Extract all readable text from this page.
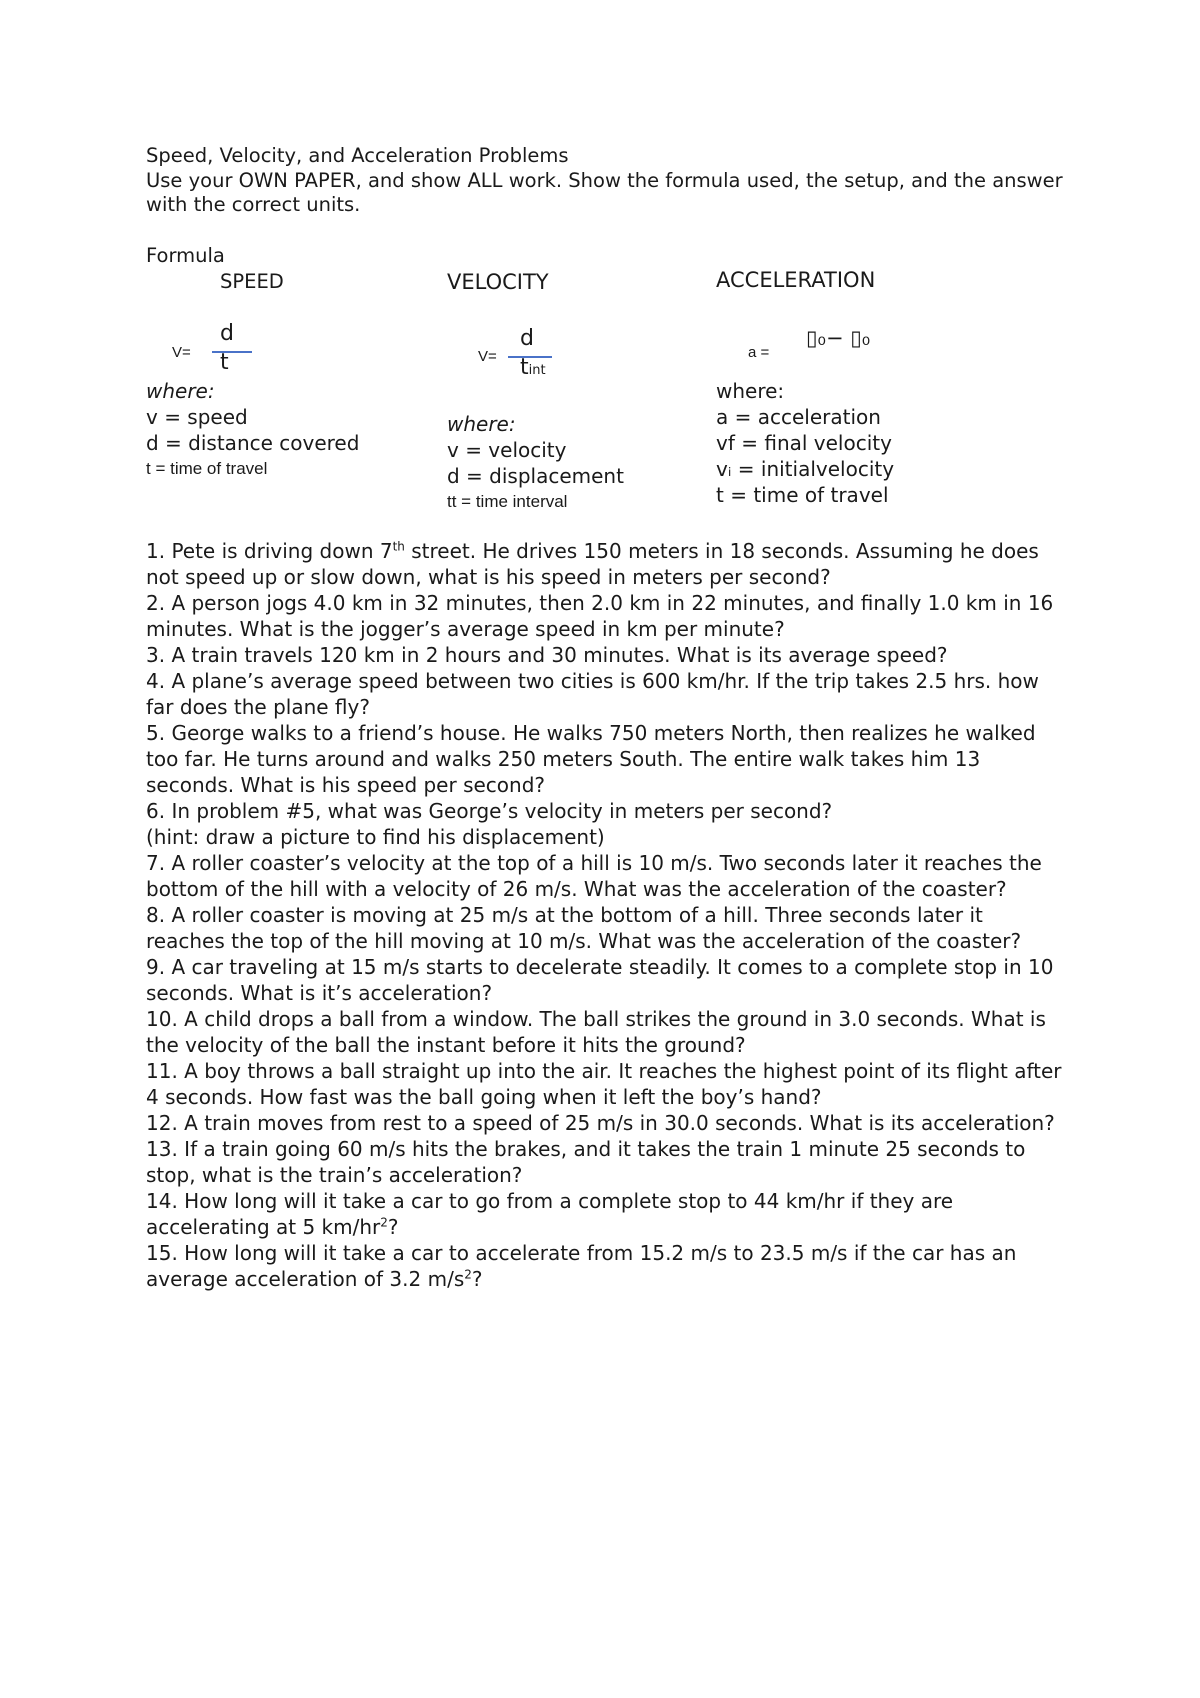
Speed, Velocity, and Acceleration Problems
Use your OWN PAPER, and show ALL work. Show the formula used, the setup, and the answer with the correct units.
Formula
SPEED
V=
d
t
where:
v = speed
d = distance covered
t = time of travel
VELOCITY
V=
d
tint
where:
v = velocity
d = displacement
tt = time interval
ACCELERATION
a =
▯₀− ▯₀
where:
a = acceleration
vf = final velocity
vᵢ = initialvelocity
t = time of travel

1. Pete is driving down 7th street. He drives 150 meters in 18 seconds. Assuming he does not speed up or slow down, what is his speed in meters per second?

2. A person jogs 4.0 km in 32 minutes, then 2.0 km in 22 minutes, and finally 1.0 km in 16 minutes. What is the jogger’s average speed in km per minute?

3. A train travels 120 km in 2 hours and 30 minutes. What is its average speed?

4. A plane’s average speed between two cities is 600 km/hr. If the trip takes 2.5 hrs. how far does the plane fly?

5. George walks to a friend’s house. He walks 750 meters North, then realizes he walked too far. He turns around and walks 250 meters South. The entire walk takes him 13 seconds. What is his speed per second?

6. In problem #5, what was George’s velocity in meters per second?

(hint: draw a picture to find his displacement)

7. A roller coaster’s velocity at the top of a hill is 10 m/s. Two seconds later it reaches the bottom of the hill with a velocity of 26 m/s. What was the acceleration of the coaster?

8. A roller coaster is moving at 25 m/s at the bottom of a hill. Three seconds later it reaches the top of the hill moving at 10 m/s. What was the acceleration of the coaster?

9. A car traveling at 15 m/s starts to decelerate steadily. It comes to a complete stop in 10 seconds. What is it’s acceleration?

10. A child drops a ball from a window. The ball strikes the ground in 3.0 seconds. What is the velocity of the ball the instant before it hits the ground?

11. A boy throws a ball straight up into the air. It reaches the highest point of its flight after 4 seconds. How fast was the ball going when it left the boy’s hand?

12. A train moves from rest to a speed of 25 m/s in 30.0 seconds. What is its acceleration?

13. If a train going 60 m/s hits the brakes, and it takes the train 1 minute 25 seconds to stop, what is the train’s acceleration?

14. How long will it take a car to go from a complete stop to 44 km/hr if they are accelerating at 5 $km/hr^2$?

15. How long will it take a car to accelerate from 15.2 m/s to 23.5 m/s if the car has an average acceleration of 3.2 $m/s^2$?
